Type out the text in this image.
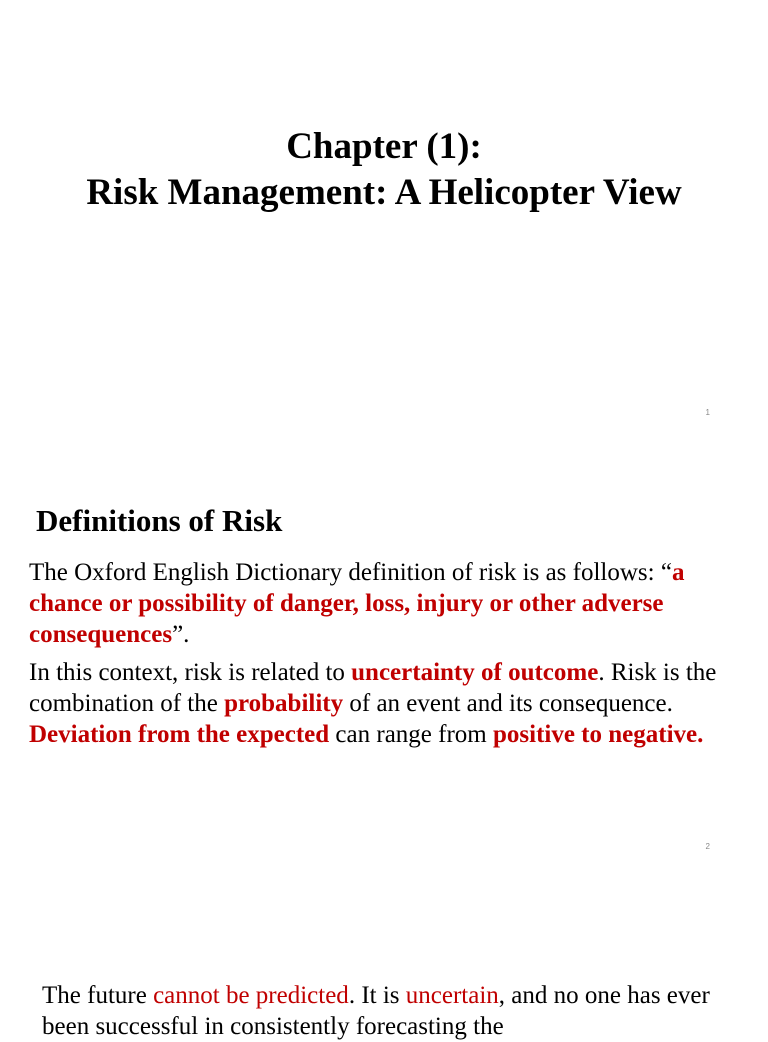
Chapter (1):
Risk Management: A Helicopter View
1
Definitions of Risk

The Oxford English Dictionary definition of risk is as follows: “a chance or possibility of danger, loss, injury or other adverse consequences”.

In this context, risk is related to uncertainty of outcome. Risk is the combination of the probability of an event and its consequence. Deviation from the expected can range from positive to negative.

2

The future cannot be predicted. It is uncertain, and no one has ever been successful in consistently forecasting the
